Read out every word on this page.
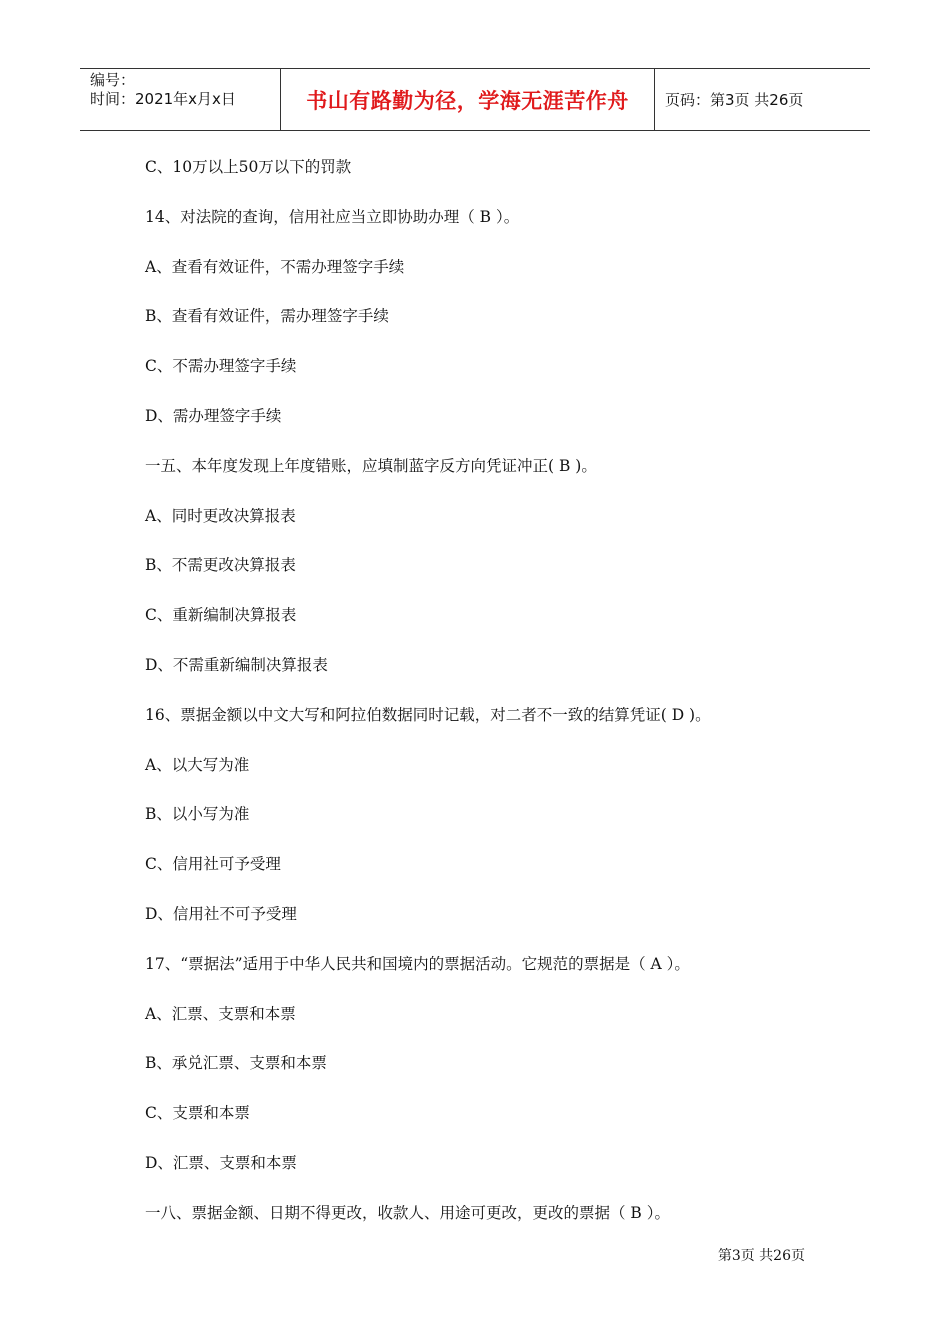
编号：
时间：2021年x月x日	书山有路勤为径，学海无涯苦作舟	页码：第3页 共26页
C、10万以上50万以下的罚款
14、对法院的查询，信用社应当立即协助办理（ B ）。
A、查看有效证件，不需办理签字手续
B、查看有效证件，需办理签字手续
C、不需办理签字手续
D、需办理签字手续
一五、本年度发现上年度错账，应填制蓝字反方向凭证冲正( B )。
A、同时更改决算报表
B、不需更改决算报表
C、重新编制决算报表
D、不需重新编制决算报表
16、票据金额以中文大写和阿拉伯数据同时记载，对二者不一致的结算凭证( D )。
A、以大写为准
B、以小写为准
C、信用社可予受理
D、信用社不可予受理
17、“票据法”适用于中华人民共和国境内的票据活动。它规范的票据是（ A ）。
A、汇票、支票和本票
B、承兑汇票、支票和本票
C、支票和本票
D、汇票、支票和本票
一八、票据金额、日期不得更改，收款人、用途可更改，更改的票据（ B ）。
第3页 共26页
